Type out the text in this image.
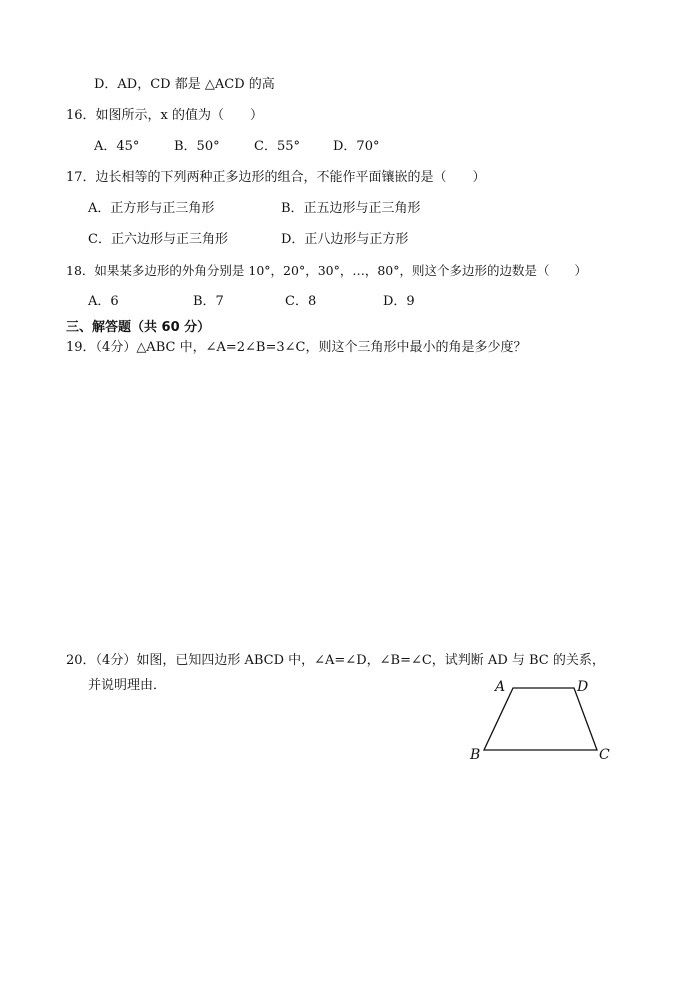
D．AD，CD 都是 △ACD 的高
16．如图所示，x 的值为（　　）
A．45°	B．50°	C．55°	D．70°
17．边长相等的下列两种正多边形的组合，不能作平面镶嵌的是（　　）
A．正方形与正三角形	B．正五边形与正三角形
C．正六边形与正三角形	D．正八边形与正方形
18．如果某多边形的外角分别是 10°，20°，30°，…，80°，则这个多边形的边数是（　　）
A．6	B．7	C．8	D．9
三、解答题（共 60 分）
19．（4分）△ABC 中，∠A=2∠B=3∠C，则这个三角形中最小的角是多少度？
20．（4分）如图，已知四边形 ABCD 中，∠A=∠D，∠B=∠C，试判断 AD 与 BC 的关系，
并说明理由．	A	D
B	C
